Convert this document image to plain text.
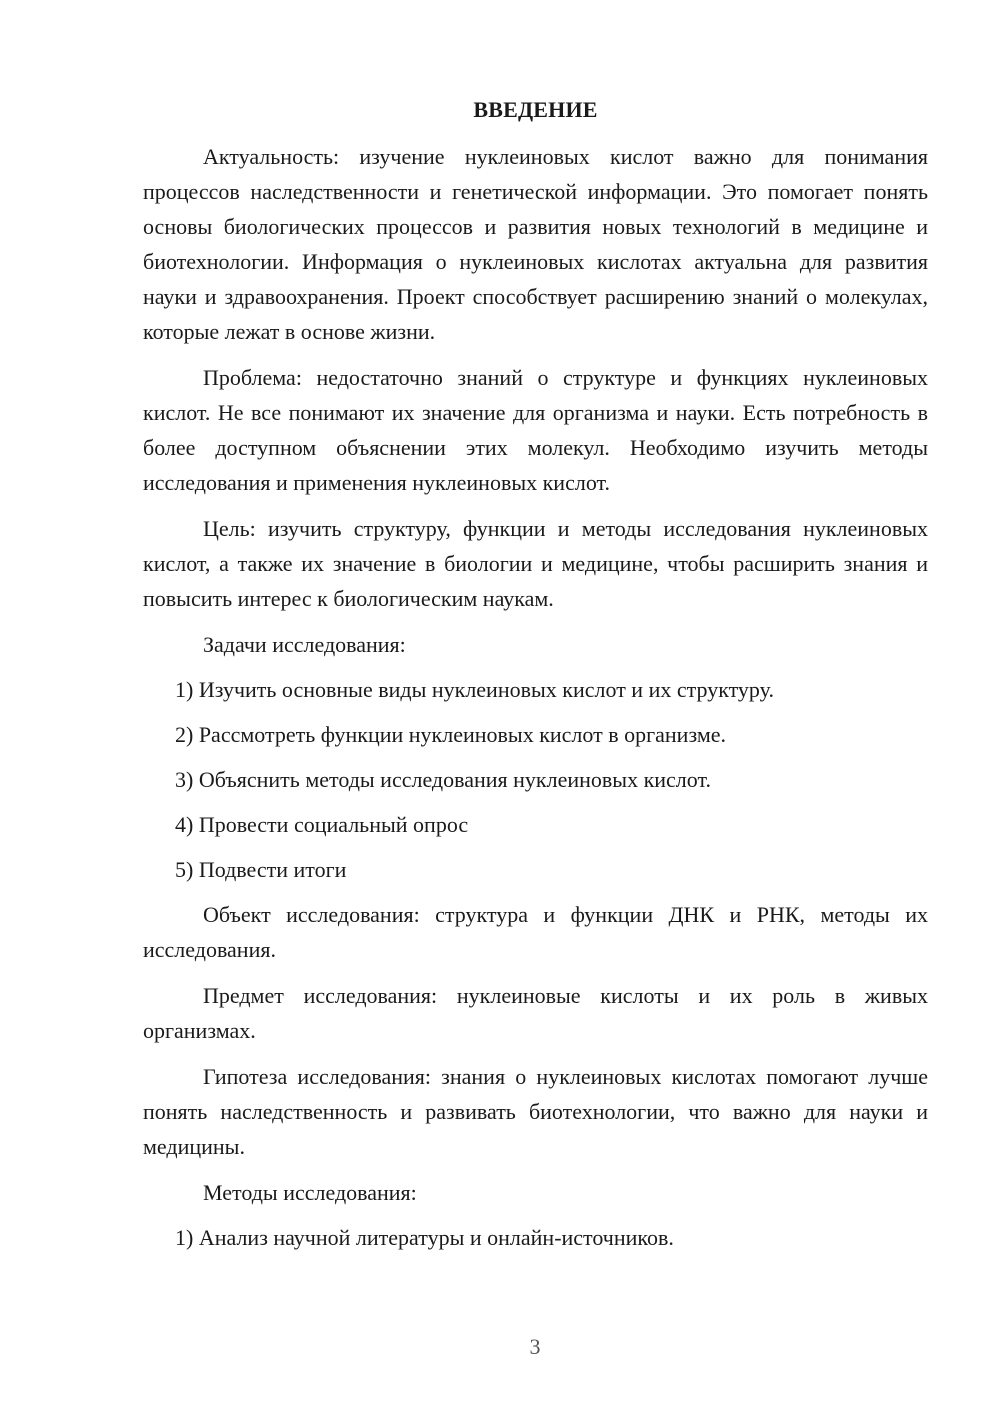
ВВЕДЕНИЕ

Актуальность: изучение нуклеиновых кислот важно для понимания процессов наследственности и генетической информации. Это помогает понять основы биологических процессов и развития новых технологий в медицине и биотехнологии. Информация о нуклеиновых кислотах актуальна для развития науки и здравоохранения. Проект способствует расширению знаний о молекулах, которые лежат в основе жизни.

Проблема: недостаточно знаний о структуре и функциях нуклеиновых кислот. Не все понимают их значение для организма и науки. Есть потребность в более доступном объяснении этих молекул. Необходимо изучить методы исследования и применения нуклеиновых кислот.

Цель: изучить структуру, функции и методы исследования нуклеиновых кислот, а также их значение в биологии и медицине, чтобы расширить знания и повысить интерес к биологическим наукам.

Задачи исследования:

1) Изучить основные виды нуклеиновых кислот и их структуру.
2) Рассмотреть функции нуклеиновых кислот в организме.
3) Объяснить методы исследования нуклеиновых кислот.
4) Провести социальный опрос
5) Подвести итоги

Объект исследования: структура и функции ДНК и РНК, методы их исследования.

Предмет исследования: нуклеиновые кислоты и их роль в живых организмах.

Гипотеза исследования: знания о нуклеиновых кислотах помогают лучше понять наследственность и развивать биотехнологии, что важно для науки и медицины.

Методы исследования:

1) Анализ научной литературы и онлайн-источников.
3
